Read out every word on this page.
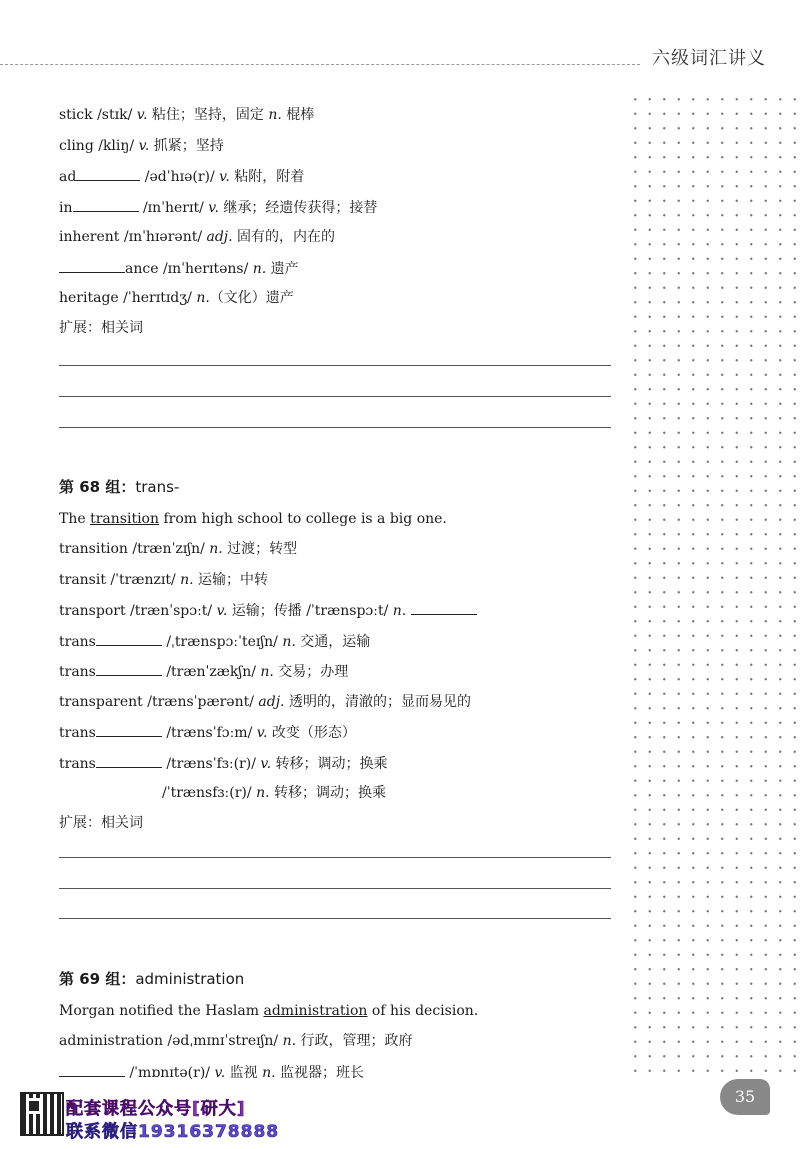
六级词汇讲义
stick /stɪk/ v. 粘住；坚持，固定 n. 棍棒
cling /kliŋ/ v. 抓紧；坚持
ad	/ədˈhɪə(r)/ v. 粘附，附着
in	/ɪnˈherɪt/ v. 继承；经遗传获得；接替
inherent /ɪnˈhɪərənt/ adj. 固有的，内在的
ance /ɪnˈherɪtəns/ n. 遗产
heritage /ˈherɪtɪdʒ/ n.（文化）遗产
扩展：相关词
第 68 组：trans-
The transition from high school to college is a big one.
transition /trænˈzɪʃn/ n. 过渡；转型
transit /ˈtrænzɪt/ n. 运输；中转
transport /trænˈspɔːt/ v. 运输；传播 /ˈtrænspɔːt/ n.
trans	/ˌtrænspɔːˈteɪʃn/ n. 交通，运输
trans	/trænˈzækʃn/ n. 交易；办理
transparent /trænsˈpærənt/ adj. 透明的，清澈的；显而易见的
trans	/trænsˈfɔːm/ v. 改变（形态）
trans	/trænsˈfɜː(r)/ v. 转移；调动；换乘
/ˈtrænsfɜː(r)/ n. 转移；调动；换乘
扩展：相关词
第 69 组：administration
Morgan notified the Haslam administration of his decision.
administration /ədˌmɪnɪˈstreɪʃn/ n. 行政，管理；政府
/ˈmɒnɪtə(r)/ v. 监视 n. 监视器；班长
配套课程公众号[研大]
联系微信19316378888
35
